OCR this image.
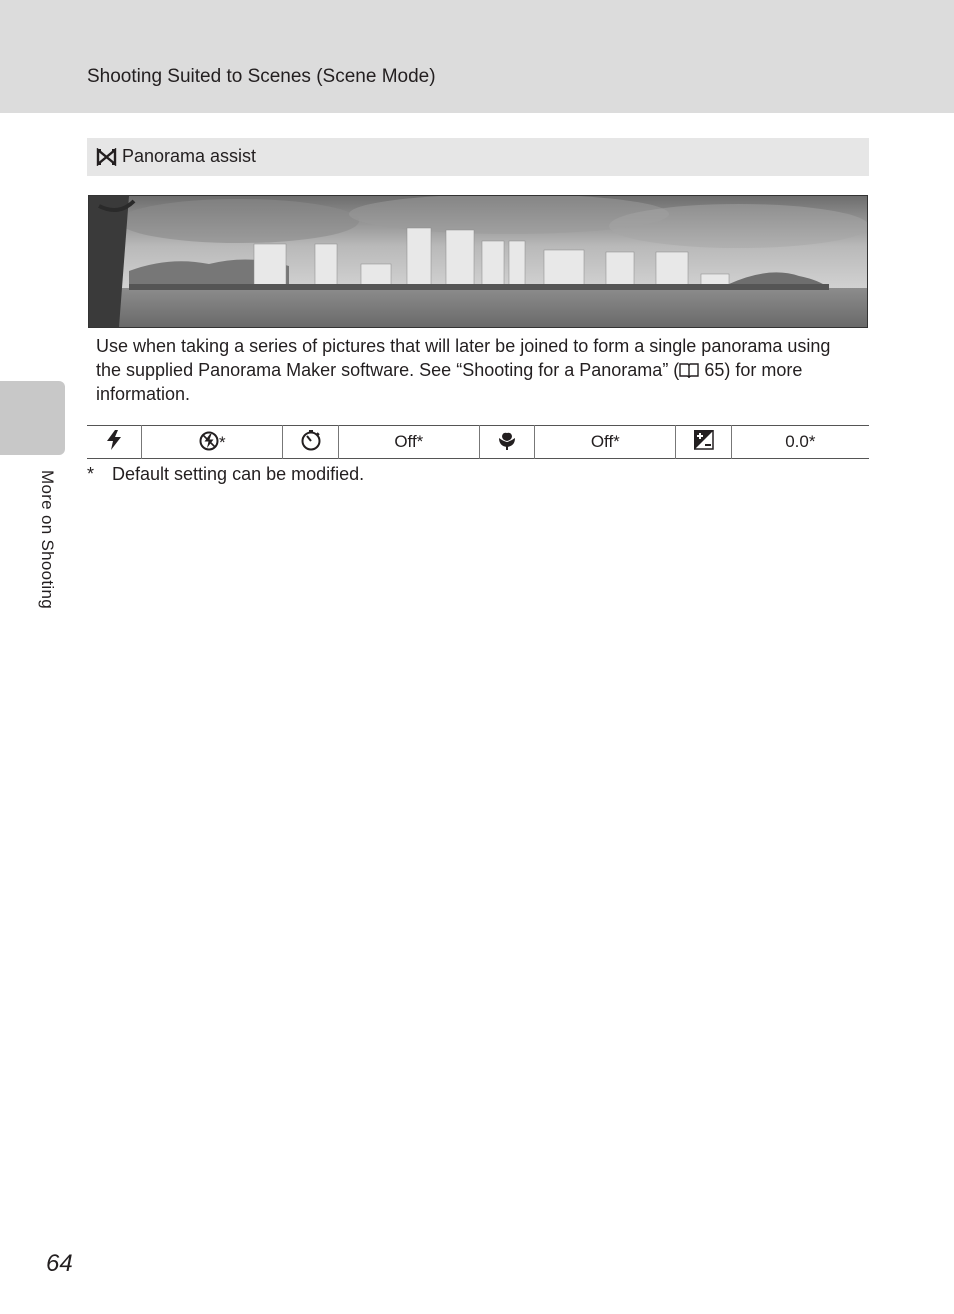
Shooting Suited to Scenes (Scene Mode)
More on Shooting
Panorama assist

Use when taking a series of pictures that will later be joined to form a single panorama using

the supplied Panorama Maker software. See “Shooting for a Panorama” ( 65) for more

information.

	*		Off*		Off*		0.0*
* Default setting can be modified.
64
